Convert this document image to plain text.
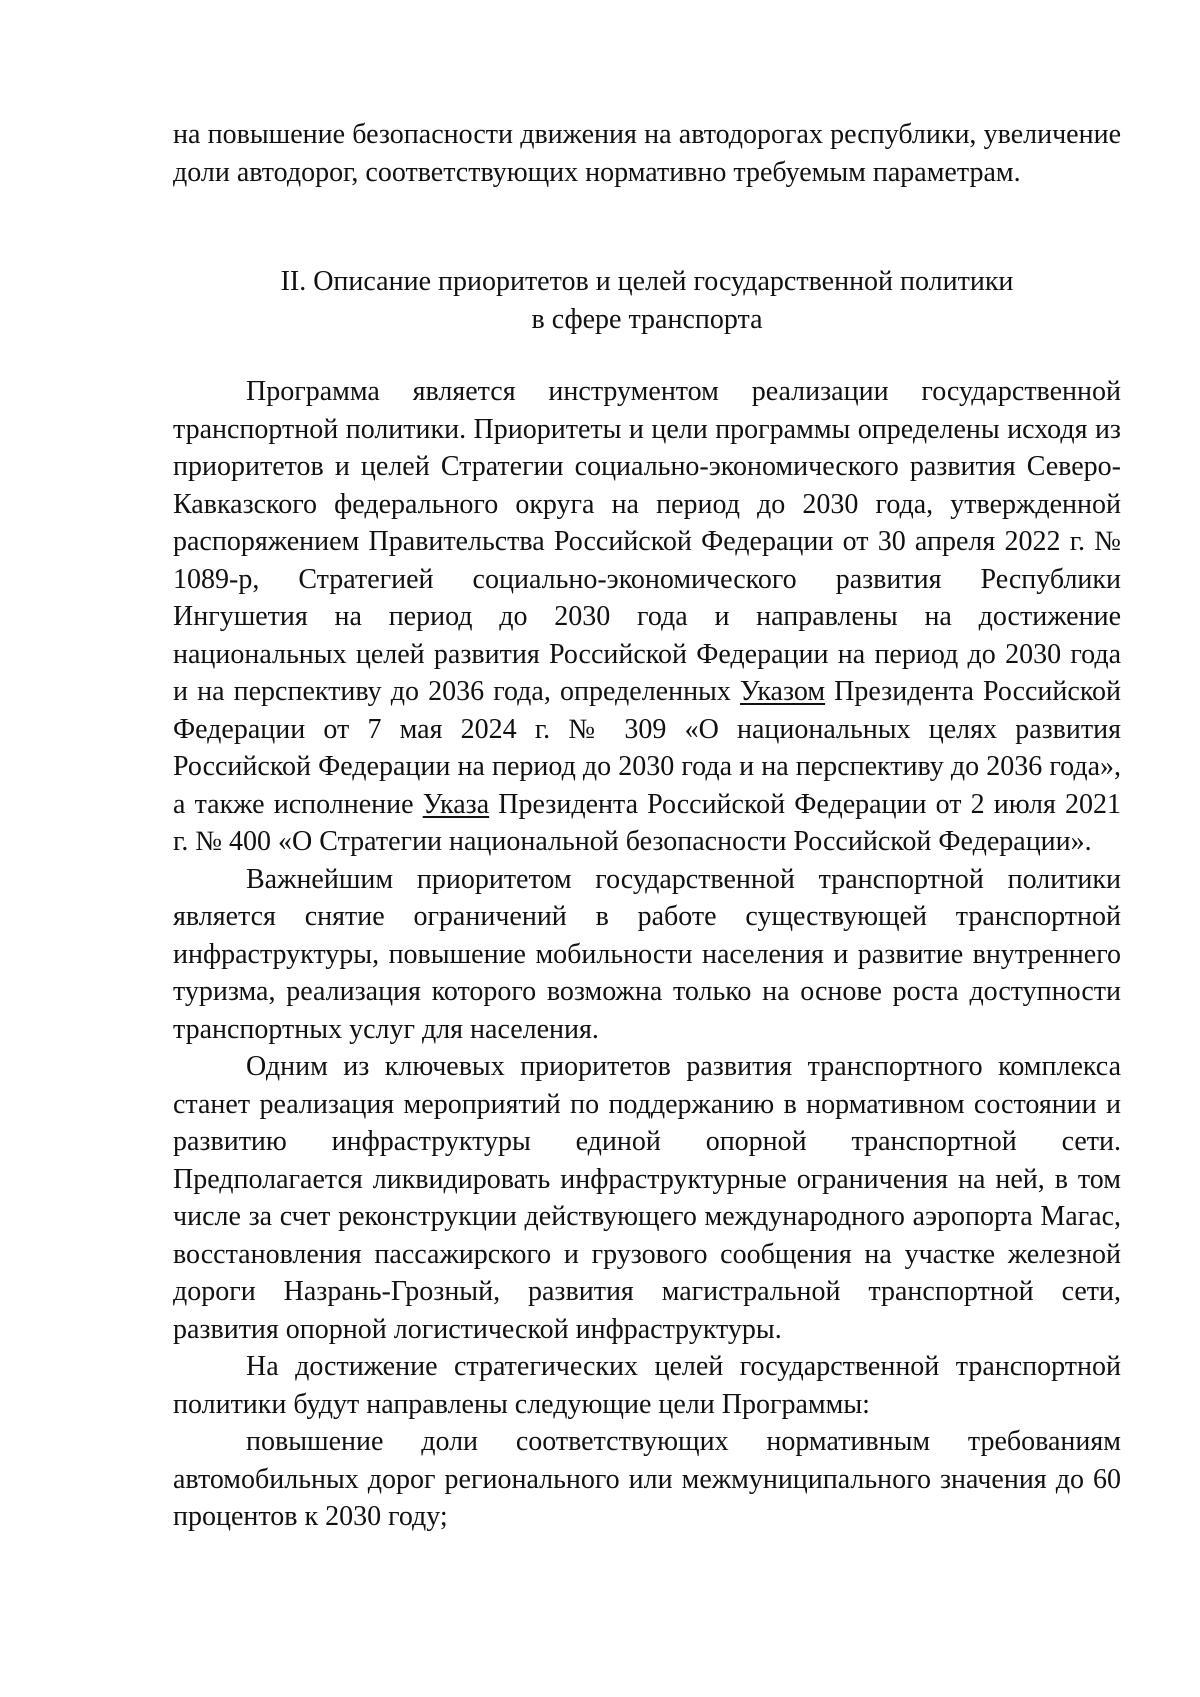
на повышение безопасности движения на автодорогах республики, увеличение доли автодорог, соответствующих нормативно требуемым параметрам.

II. Описание приоритетов и целей государственной политики
в сфере транспорта

Программа является инструментом реализации государственной транспортной политики. Приоритеты и цели программы определены исходя из приоритетов и целей Стратегии социально-экономического развития Северо-Кавказского федерального округа на период до 2030 года, утвержденной распоряжением Правительства Российской Федерации от 30 апреля 2022 г. № 1089-р, Стратегией социально-экономического развития Республики Ингушетия на период до 2030 года и направлены на достижение национальных целей развития Российской Федерации на период до 2030 года и на перспективу до 2036 года, определенных Указом Президента Российской Федерации от 7 мая 2024 г. № 309 «О национальных целях развития Российской Федерации на период до 2030 года и на перспективу до 2036 года», а также исполнение Указа Президента Российской Федерации от 2 июля 2021 г. № 400 «О Стратегии национальной безопасности Российской Федерации».

Важнейшим приоритетом государственной транспортной политики является снятие ограничений в работе существующей транспортной инфраструктуры, повышение мобильности населения и развитие внутреннего туризма, реализация которого возможна только на основе роста доступности транспортных услуг для населения.

Одним из ключевых приоритетов развития транспортного комплекса станет реализация мероприятий по поддержанию в нормативном состоянии и развитию инфраструктуры единой опорной транспортной сети. Предполагается ликвидировать инфраструктурные ограничения на ней, в том числе за счет реконструкции действующего международного аэропорта Магас, восстановления пассажирского и грузового сообщения на участке железной дороги Назрань-Грозный, развития магистральной транспортной сети, развития опорной логистической инфраструктуры.

На достижение стратегических целей государственной транспортной политики будут направлены следующие цели Программы:

повышение доли соответствующих нормативным требованиям автомобильных дорог регионального или межмуниципального значения до 60 процентов к 2030 году;
